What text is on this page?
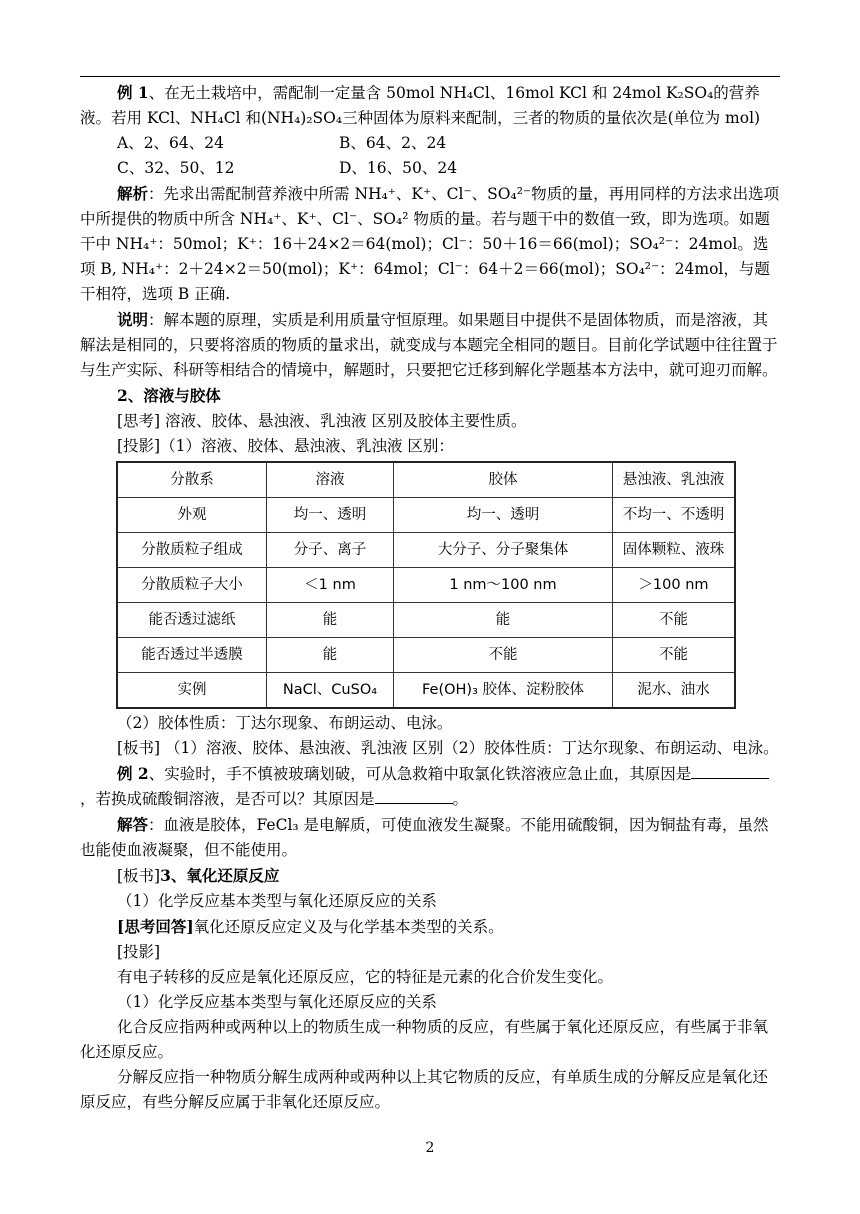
例 1、在无土栽培中，需配制一定量含 50mol NH₄Cl、16mol KCl 和 24mol K₂SO₄的营养液。若用 KCl、NH₄Cl 和(NH₄)₂SO₄三种固体为原料来配制，三者的物质的量依次是(单位为 mol)

A、2、64、24	B、64、2、24
C、32、50、12	D、16、50、24

解析：先求出需配制营养液中所需 NH₄⁺、K⁺、Cl⁻、SO₄²⁻物质的量，再用同样的方法求出选项中所提供的物质中所含 NH₄⁺、K⁺、Cl⁻、SO₄² 物质的量。若与题干中的数值一致，即为选项。如题干中 NH₄⁺：50mol；K⁺：16＋24×2＝64(mol)；Cl⁻：50＋16＝66(mol)；SO₄²⁻：24mol。选项 B, NH₄⁺：2＋24×2＝50(mol)；K⁺：64mol；Cl⁻：64＋2＝66(mol)；SO₄²⁻：24mol，与题干相符，选项 B 正确.

说明：解本题的原理，实质是利用质量守恒原理。如果题目中提供不是固体物质，而是溶液，其解法是相同的，只要将溶质的物质的量求出，就变成与本题完全相同的题目。目前化学试题中往往置于与生产实际、科研等相结合的情境中，解题时，只要把它迁移到解化学题基本方法中，就可迎刃而解。

2、溶液与胶体

[思考] 溶液、胶体、悬浊液、乳浊液 区别及胶体主要性质。

[投影]（1）溶液、胶体、悬浊液、乳浊液 区别：

分散系	溶液	胶体	悬浊液、乳浊液
外观	均一、透明	均一、透明	不均一、不透明
分散质粒子组成	分子、离子	大分子、分子聚集体	固体颗粒、液珠
分散质粒子大小	＜1 nm	1 nm～100 nm	＞100 nm
能否透过滤纸	能	能	不能
能否透过半透膜	能	不能	不能
实例	NaCl、CuSO₄	Fe(OH)₃ 胶体、淀粉胶体	泥水、油水

（2）胶体性质：丁达尔现象、布朗运动、电泳。

[板书] （1）溶液、胶体、悬浊液、乳浊液 区别（2）胶体性质：丁达尔现象、布朗运动、电泳。

例 2、实验时，手不慎被玻璃划破，可从急救箱中取氯化铁溶液应急止血，其原因是，若换成硫酸铜溶液，是否可以？其原因是	。

解答：血液是胶体，FeCl₃ 是电解质，可使血液发生凝聚。不能用硫酸铜，因为铜盐有毒，虽然也能使血液凝聚，但不能使用。

[板书]3、氧化还原反应

（1）化学反应基本类型与氧化还原反应的关系

[思考回答]氧化还原反应定义及与化学基本类型的关系。

[投影]

有电子转移的反应是氧化还原反应，它的特征是元素的化合价发生变化。

（1）化学反应基本类型与氧化还原反应的关系

化合反应指两种或两种以上的物质生成一种物质的反应，有些属于氧化还原反应，有些属于非氧化还原反应。

分解反应指一种物质分解生成两种或两种以上其它物质的反应，有单质生成的分解反应是氧化还原反应，有些分解反应属于非氧化还原反应。

2
